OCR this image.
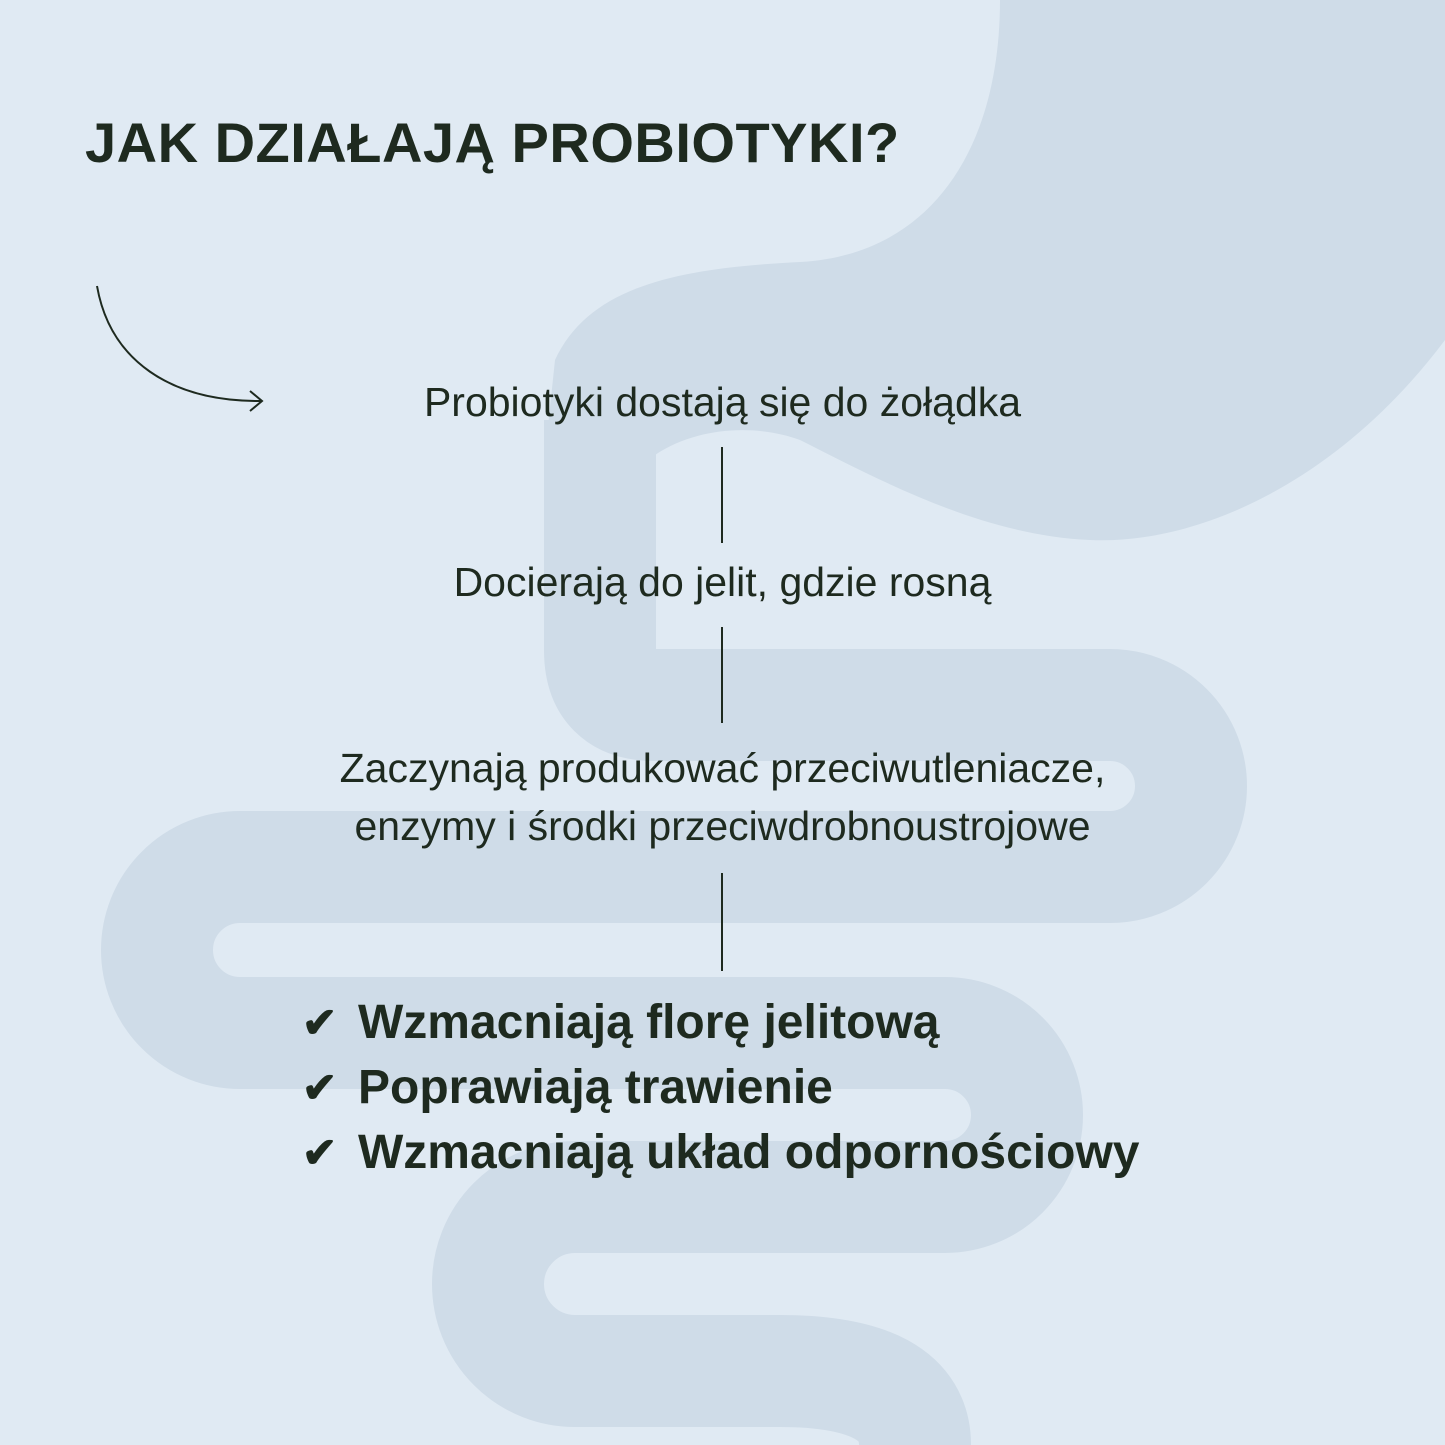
JAK DZIAŁAJĄ PROBIOTYKI?
Probiotyki dostają się do żołądka
Docierają do jelit, gdzie rosną
Zaczynają produkować przeciwutleniacze,
enzymy i środki przeciwdrobnoustrojowe
✔ Wzmacniają florę jelitową
✔ Poprawiają trawienie
✔ Wzmacniają układ odpornościowy
